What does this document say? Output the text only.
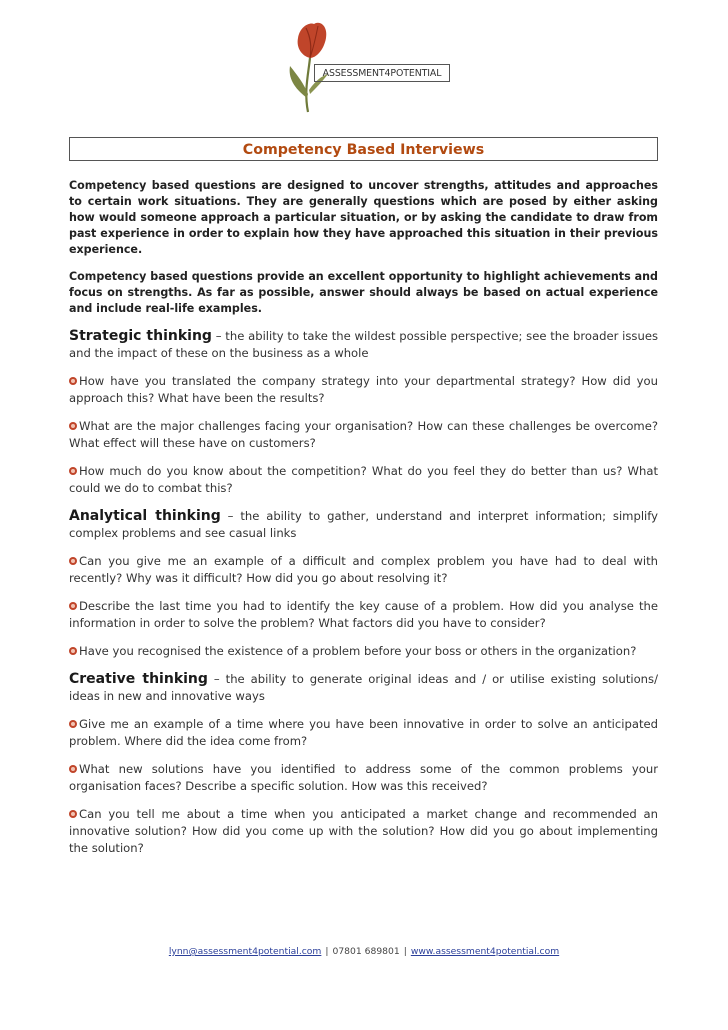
ASSESSMENT4POTENTIAL
Competency Based Interviews

Competency based questions are designed to uncover strengths, attitudes and approaches to certain work situations. They are generally questions which are posed by either asking how would someone approach a particular situation, or by asking the candidate to draw from past experience in order to explain how they have approached this situation in their previous experience.

Competency based questions provide an excellent opportunity to highlight achievements and focus on strengths. As far as possible, answer should always be based on actual experience and include real-life examples.

Strategic thinking – the ability to take the wildest possible perspective; see the broader issues and the impact of these on the business as a whole

How have you translated the company strategy into your departmental strategy? How did you approach this? What have been the results?

What are the major challenges facing your organisation? How can these challenges be overcome? What effect will these have on customers?

How much do you know about the competition? What do you feel they do better than us? What could we do to combat this?

Analytical thinking – the ability to gather, understand and interpret information; simplify complex problems and see casual links

Can you give me an example of a difficult and complex problem you have had to deal with recently? Why was it difficult? How did you go about resolving it?

Describe the last time you had to identify the key cause of a problem. How did you analyse the information in order to solve the problem? What factors did you have to consider?

Have you recognised the existence of a problem before your boss or others in the organization?

Creative thinking – the ability to generate original ideas and / or utilise existing solutions/ ideas in new and innovative ways

Give me an example of a time where you have been innovative in order to solve an anticipated problem. Where did the idea come from?

What new solutions have you identified to address some of the common problems your organisation faces? Describe a specific solution. How was this received?

Can you tell me about a time when you anticipated a market change and recommended an innovative solution? How did you come up with the solution? How did you go about implementing the solution?

lynn@assessment4potential.com | 07801 689801 | www.assessment4potential.com
